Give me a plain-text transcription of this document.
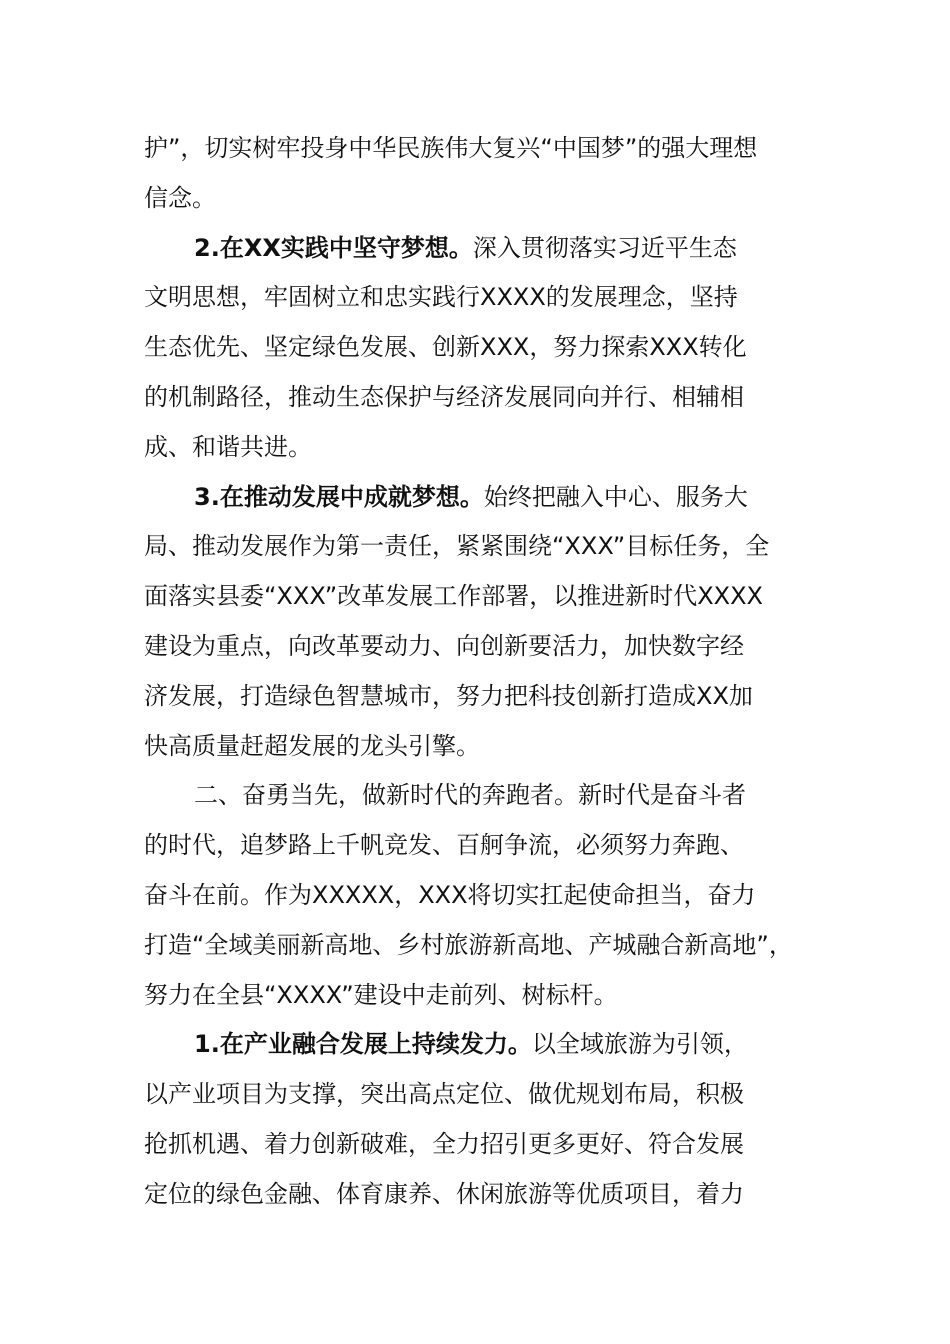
护”，切实树牢投身中华民族伟大复兴“中国梦”的强大理想
信念。
2.在XX实践中坚守梦想。深入贯彻落实习近平生态
文明思想，牢固树立和忠实践行XXXX的发展理念，坚持
生态优先、坚定绿色发展、创新XXX，努力探索XXX转化
的机制路径，推动生态保护与经济发展同向并行、相辅相
成、和谐共进。
3.在推动发展中成就梦想。始终把融入中心、服务大
局、推动发展作为第一责任，紧紧围绕“XXX”目标任务，全
面落实县委“XXX”改革发展工作部署，以推进新时代XXXX
建设为重点，向改革要动力、向创新要活力，加快数字经
济发展，打造绿色智慧城市，努力把科技创新打造成XX加
快高质量赶超发展的龙头引擎。
二、奋勇当先，做新时代的奔跑者。新时代是奋斗者
的时代，追梦路上千帆竞发、百舸争流，必须努力奔跑、
奋斗在前。作为XXXXX，XXX将切实扛起使命担当，奋力
打造“全域美丽新高地、乡村旅游新高地、产城融合新高地”，
努力在全县“XXXX”建设中走前列、树标杆。
1.在产业融合发展上持续发力。以全域旅游为引领，
以产业项目为支撑，突出高点定位、做优规划布局，积极
抢抓机遇、着力创新破难，全力招引更多更好、符合发展
定位的绿色金融、体育康养、休闲旅游等优质项目，着力
